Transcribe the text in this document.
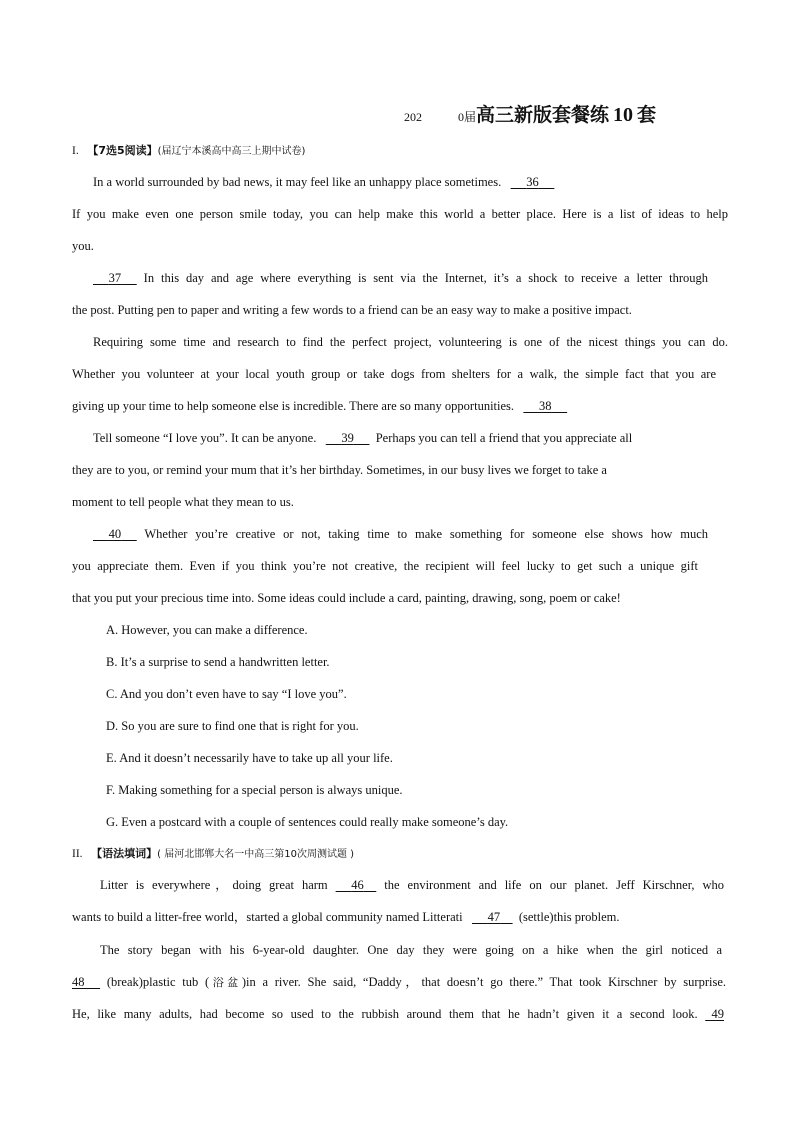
202	0届高三新版套餐练 10 套
I. 【7选5阅读】(届辽宁本溪高中高三上期中试卷)
In a world surrounded by bad news, it may feel like an unhappy place sometimes. 36
If you make even one person smile today, you can help make this world a better place. Here is a list of ideas to help
you.
37 In this day and age where everything is sent via the Internet, it’s a shock to receive a letter through
the post. Putting pen to paper and writing a few words to a friend can be an easy way to make a positive impact.
Requiring some time and research to find the perfect project, volunteering is one of the nicest things you can do.
Whether you volunteer at your local youth group or take dogs from shelters for a walk, the simple fact that you are
giving up your time to help someone else is incredible. There are so many opportunities. 38
Tell someone “I love you”. It can be anyone. 39 Perhaps you can tell a friend that you appreciate all
they are to you, or remind your mum that it’s her birthday. Sometimes, in our busy lives we forget to take a
moment to tell people what they mean to us.
40 Whether you’re creative or not, taking time to make something for someone else shows how much
you appreciate them. Even if you think you’re not creative, the recipient will feel lucky to get such a unique gift
that you put your precious time into. Some ideas could include a card, painting, drawing, song, poem or cake!
A. However, you can make a difference.
B. It’s a surprise to send a handwritten letter.
C. And you don’t even have to say “I love you”.
D. So you are sure to find one that is right for you.
E. And it doesn’t necessarily have to take up all your life.
F. Making something for a special person is always unique.
G. Even a postcard with a couple of sentences could really make someone’s day.
II. 【语法填词】( 届河北邯郸大名一中高三第10次周测试题 )
Litter is everywhere，doing great harm 46 the environment and life on our planet. Jeff Kirschner, who
wants to build a litter-free world，started a global community named Litterati 47 (settle)this problem.
The story began with his 6-year-old daughter. One day they were going on a hike when the girl noticed a
48 (break)plastic tub (浴盆)in a river. She said, “Daddy，that doesn’t go there.” That took Kirschner by surprise.
He, like many adults, had become so used to the rubbish around them that he hadn’t given it a second look. 49
